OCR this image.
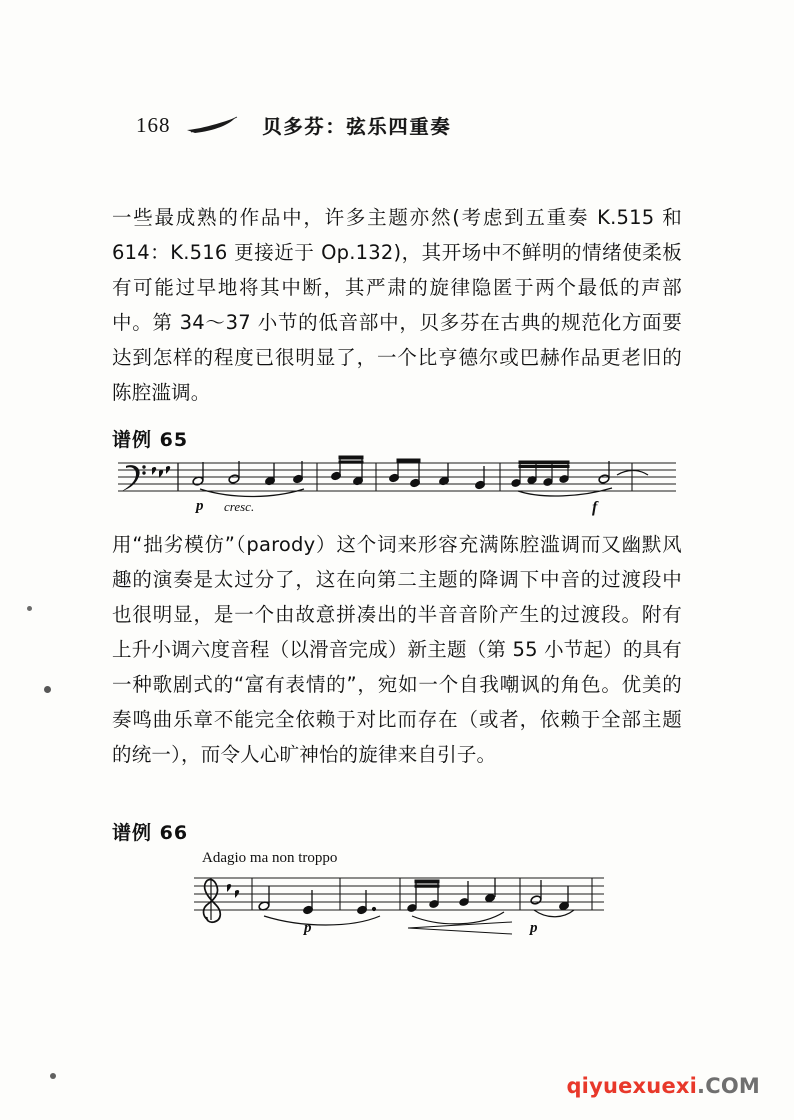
168	贝多芬：弦乐四重奏
一些最成熟的作品中，许多主题亦然(考虑到五重奏 K.515 和 614：K.516 更接近于 Op.132)，其开场中不鲜明的情绪使柔板有可能过早地将其中断，其严肃的旋律隐匿于两个最低的声部中。第 34～37 小节的低音部中，贝多芬在古典的规范化方面要达到怎样的程度已很明显了，一个比亨德尔或巴赫作品更老旧的陈腔滥调。
谱例 65
p cresc.	f
用“拙劣模仿”（parody）这个词来形容充满陈腔滥调而又幽默风趣的演奏是太过分了，这在向第二主题的降调下中音的过渡段中也很明显，是一个由故意拼凑出的半音音阶产生的过渡段。附有上升小调六度音程（以滑音完成）新主题（第 55 小节起）的具有一种歌剧式的“富有表情的”，宛如一个自我嘲讽的角色。优美的奏鸣曲乐章不能完全依赖于对比而存在（或者，依赖于全部主题的统一），而令人心旷神怡的旋律来自引子。
谱例 66
Adagio ma non troppo
p	p
qiyuexuexi.COM
